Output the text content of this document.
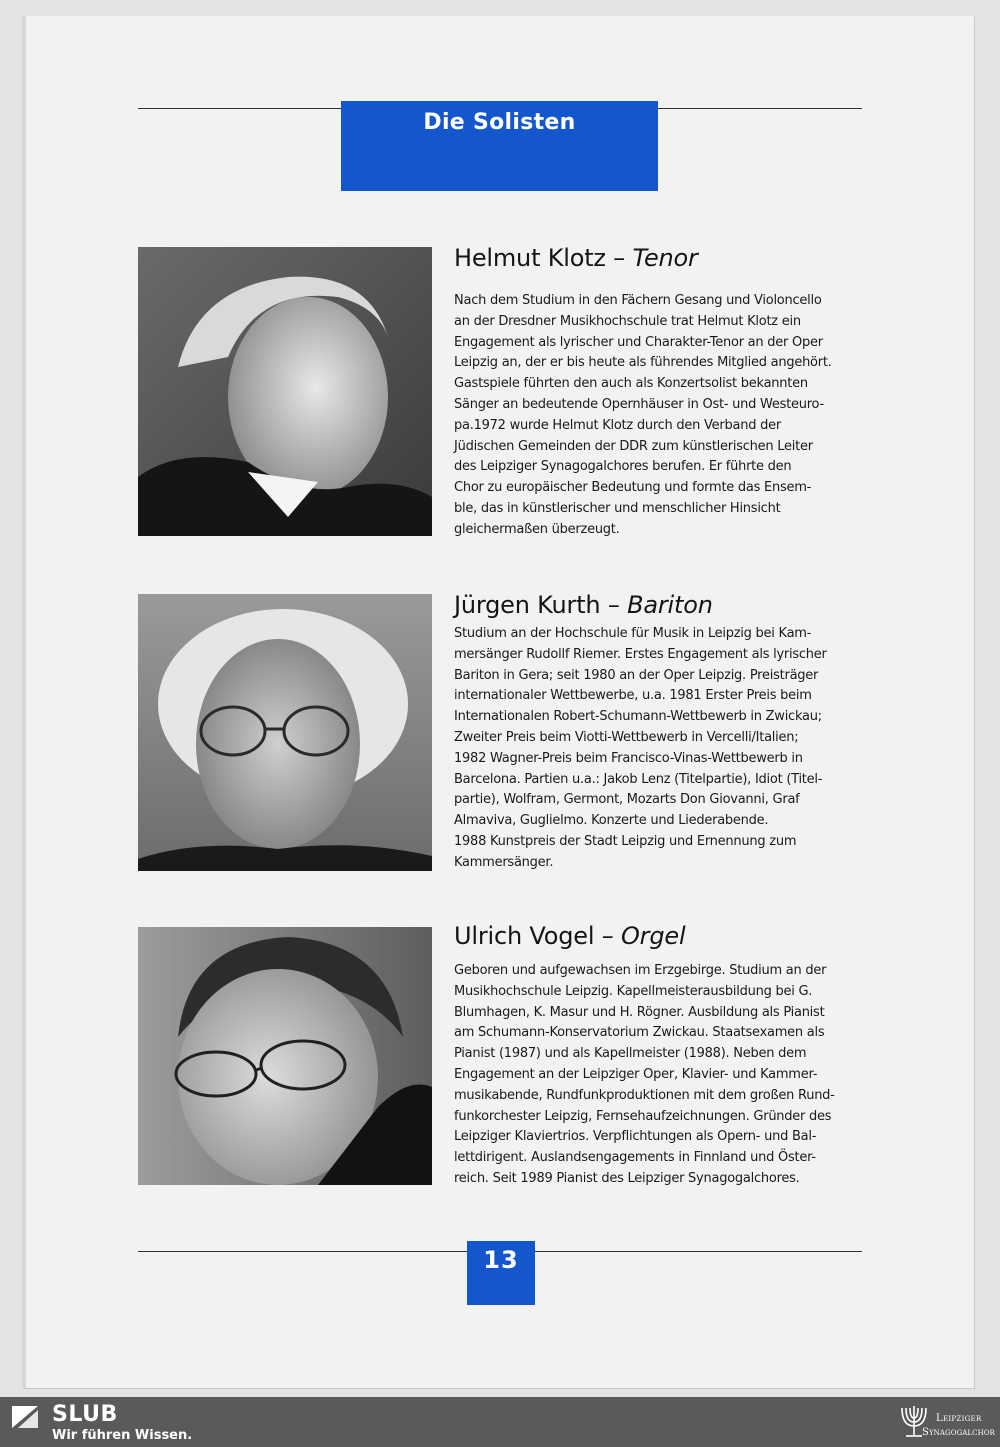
Die Solisten
Helmut Klotz – Tenor
Nach dem Studium in den Fächern Gesang und Violoncello
an der Dresdner Musikhochschule trat Helmut Klotz ein
Engagement als lyrischer und Charakter-Tenor an der Oper
Leipzig an, der er bis heute als führendes Mitglied angehört.
Gastspiele führten den auch als Konzertsolist bekannten
Sänger an bedeutende Opernhäuser in Ost- und Westeuro-
pa.1972 wurde Helmut Klotz durch den Verband der
Jüdischen Gemeinden der DDR zum künstlerischen Leiter
des Leipziger Synagogalchores berufen. Er führte den
Chor zu europäischer Bedeutung und formte das Ensem-
ble, das in künstlerischer und menschlicher Hinsicht
gleichermaßen überzeugt.
Jürgen Kurth – Bariton
Studium an der Hochschule für Musik in Leipzig bei Kam-
mersänger Rudollf Riemer. Erstes Engagement als lyrischer
Bariton in Gera; seit 1980 an der Oper Leipzig. Preisträger
internationaler Wettbewerbe, u.a. 1981 Erster Preis beim
Internationalen Robert-Schumann-Wettbewerb in Zwickau;
Zweiter Preis beim Viotti-Wettbewerb in Vercelli/Italien;
1982 Wagner-Preis beim Francisco-Vinas-Wettbewerb in
Barcelona. Partien u.a.: Jakob Lenz (Titelpartie), Idiot (Titel-
partie), Wolfram, Germont, Mozarts Don Giovanni, Graf
Almaviva, Guglielmo. Konzerte und Liederabende.
1988 Kunstpreis der Stadt Leipzig und Ernennung zum
Kammersänger.
Ulrich Vogel – Orgel
Geboren und aufgewachsen im Erzgebirge. Studium an der
Musikhochschule Leipzig. Kapellmeisterausbildung bei G.
Blumhagen, K. Masur und H. Rögner. Ausbildung als Pianist
am Schumann-Konservatorium Zwickau. Staatsexamen als
Pianist (1987) und als Kapellmeister (1988). Neben dem
Engagement an der Leipziger Oper, Klavier- und Kammer-
musikabende, Rundfunkproduktionen mit dem großen Rund-
funkorchester Leipzig, Fernsehaufzeichnungen. Gründer des
Leipziger Klaviertrios. Verpflichtungen als Opern- und Bal-
lettdirigent. Auslandsengagements in Finnland und Öster-
reich. Seit 1989 Pianist des Leipziger Synagogalchores.
13
SLUB
Wir führen Wissen.
Leipziger
Synagogalchor
